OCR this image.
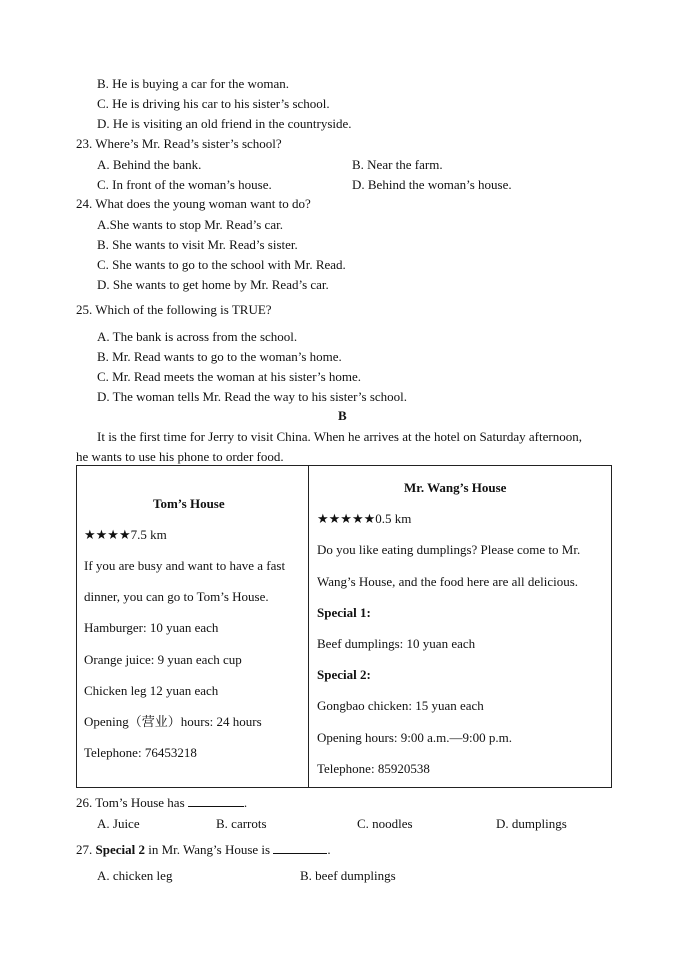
B. He is buying a car for the woman.
C. He is driving his car to his sister’s school.
D. He is visiting an old friend in the countryside.
23. Where’s Mr. Read’s sister’s school?
A. Behind the bank.	B. Near the farm.
C. In front of the woman’s house.	D. Behind the woman’s house.
24. What does the young woman want to do?
A.She wants to stop Mr. Read’s car.
B. She wants to visit Mr. Read’s sister.
C. She wants to go to the school with Mr. Read.
D. She wants to get home by Mr. Read’s car.
25. Which of the following is TRUE?
A. The bank is across from the school.
B. Mr. Read wants to go to the woman’s home.
C. Mr. Read meets the woman at his sister’s home.
D. The woman tells Mr. Read the way to his sister’s school.
B
It is the first time for Jerry to visit China. When he arrives at the hotel on Saturday afternoon,
he wants to use his phone to order food.
Tom’s House
★★★★7.5 km
If you are busy and want to have a fast
dinner, you can go to Tom’s House.
Hamburger: 10 yuan each
Orange juice: 9 yuan each cup
Chicken leg 12 yuan each
Opening（营业）hours: 24 hours
Telephone: 76453218
Mr. Wang’s House
★★★★★0.5 km
Do you like eating dumplings? Please come to Mr.
Wang’s House, and the food here are all delicious.
Special 1:
Beef dumplings: 10 yuan each
Special 2:
Gongbao chicken: 15 yuan each
Opening hours: 9:00 a.m.—9:00 p.m.
Telephone: 85920538
26. Tom’s House has	.
A. Juice	B. carrots	C. noodles	D. dumplings
27. Special 2 in Mr. Wang’s House is	.
A. chicken leg	B. beef dumplings
